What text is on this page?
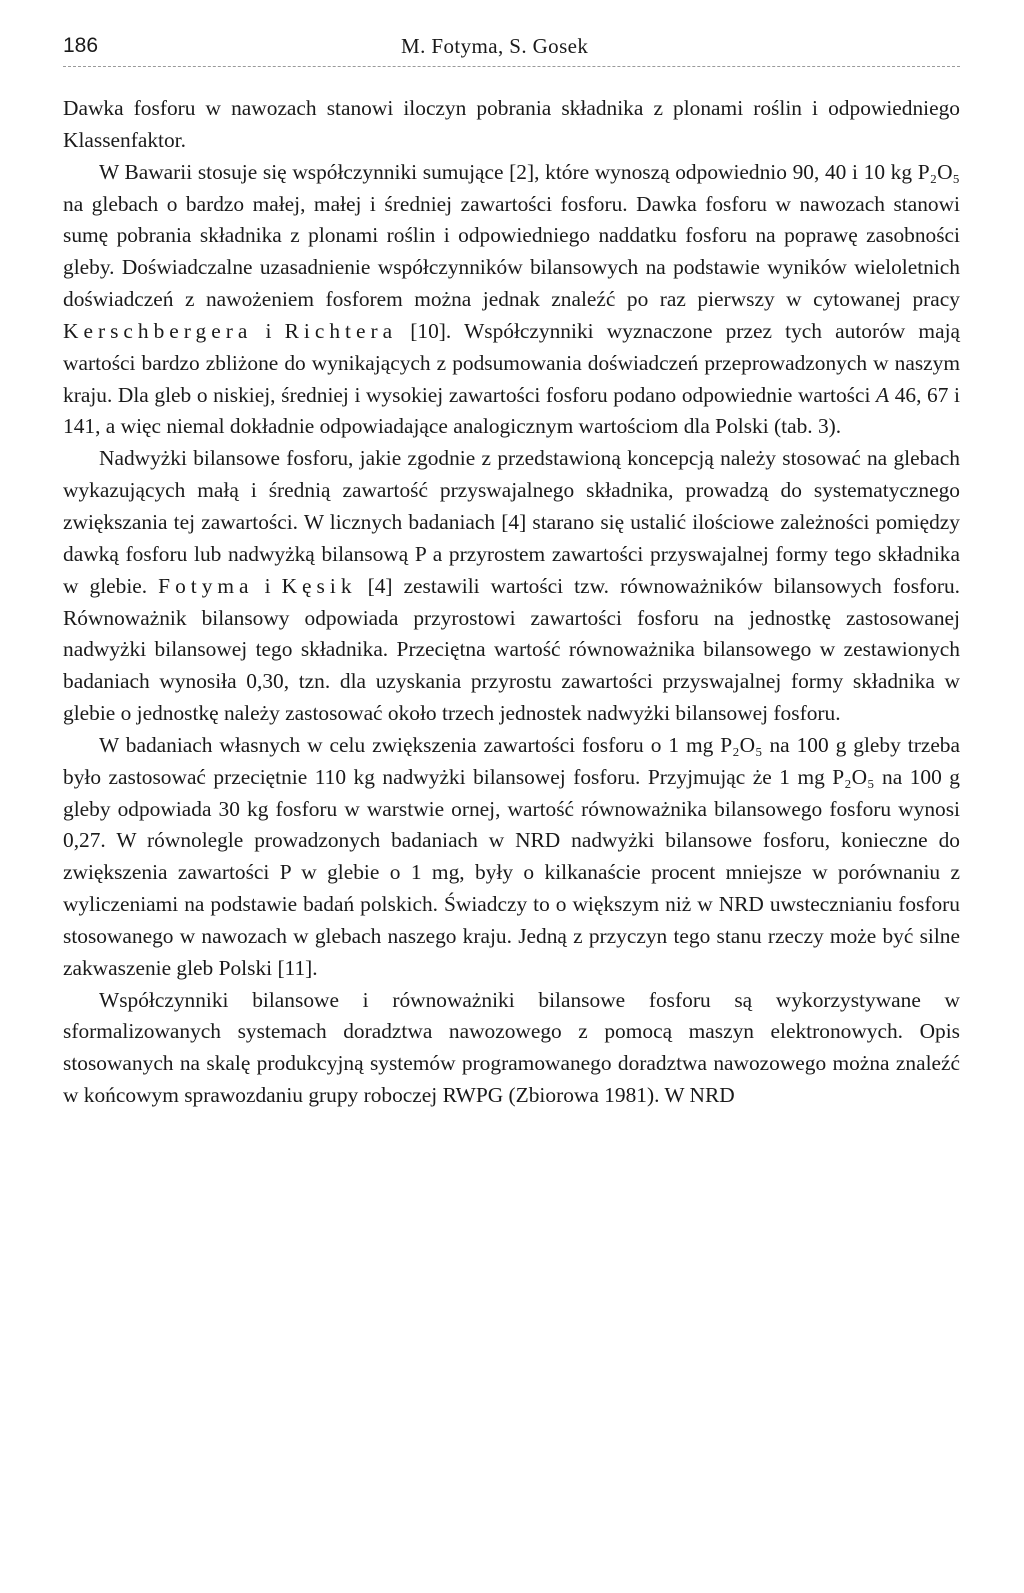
186	M. Fotyma, S. Gosek

Dawka fosforu w nawozach stanowi iloczyn pobrania składnika z plonami roślin i odpowiedniego Klassenfaktor.

W Bawarii stosuje się współczynniki sumujące [2], które wynoszą odpowiednio 90, 40 i 10 kg P₂O₅ na glebach o bardzo małej, małej i średniej zawartości fosforu. Dawka fosforu w nawozach stanowi sumę pobrania składnika z plonami roślin i odpowiedniego naddatku fosforu na poprawę zasobności gleby. Doświadczalne uzasadnienie współczynników bilansowych na podstawie wyników wieloletnich doświadczeń z nawożeniem fosforem można jednak znaleźć po raz pierwszy w cytowanej pracy Kerschbergera i Richtera [10]. Współczynniki wyznaczone przez tych autorów mają wartości bardzo zbliżone do wynikających z podsumowania doświadczeń przeprowadzonych w naszym kraju. Dla gleb o niskiej, średniej i wysokiej zawartości fosforu podano odpowiednie wartości A 46, 67 i 141, a więc niemal dokładnie odpowiadające analogicznym wartościom dla Polski (tab. 3).

Nadwyżki bilansowe fosforu, jakie zgodnie z przedstawioną koncepcją należy stosować na glebach wykazujących małą i średnią zawartość przyswajalnego składnika, prowadzą do systematycznego zwiększania tej zawartości. W licznych badaniach [4] starano się ustalić ilościowe zależności pomiędzy dawką fosforu lub nadwyżką bilansową P a przyrostem zawartości przyswajalnej formy tego składnika w glebie. Fotyma i Kęsik [4] zestawili wartości tzw. równoważników bilansowych fosforu. Równoważnik bilansowy odpowiada przyrostowi zawartości fosforu na jednostkę zastosowanej nadwyżki bilansowej tego składnika. Przeciętna wartość równoważnika bilansowego w zestawionych badaniach wynosiła 0,30, tzn. dla uzyskania przyrostu zawartości przyswajalnej formy składnika w glebie o jednostkę należy zastosować około trzech jednostek nadwyżki bilansowej fosforu.

W badaniach własnych w celu zwiększenia zawartości fosforu o 1 mg P₂O₅ na 100 g gleby trzeba było zastosować przeciętnie 110 kg nadwyżki bilansowej fosforu. Przyjmując że 1 mg P₂O₅ na 100 g gleby odpowiada 30 kg fosforu w warstwie ornej, wartość równoważnika bilansowego fosforu wynosi 0,27. W równolegle prowadzonych badaniach w NRD nadwyżki bilansowe fosforu, konieczne do zwiększenia zawartości P w glebie o 1 mg, były o kilkanaście procent mniejsze w porównaniu z wyliczeniami na podstawie badań polskich. Świadczy to o większym niż w NRD uwstecznianiu fosforu stosowanego w nawozach w glebach naszego kraju. Jedną z przyczyn tego stanu rzeczy może być silne zakwaszenie gleb Polski [11].

Współczynniki bilansowe i równoważniki bilansowe fosforu są wykorzystywane w sformalizowanych systemach doradztwa nawozowego z pomocą maszyn elektronowych. Opis stosowanych na skalę produkcyjną systemów programowanego doradztwa nawozowego można znaleźć w końcowym sprawozdaniu grupy roboczej RWPG (Zbiorowa 1981). W NRD
